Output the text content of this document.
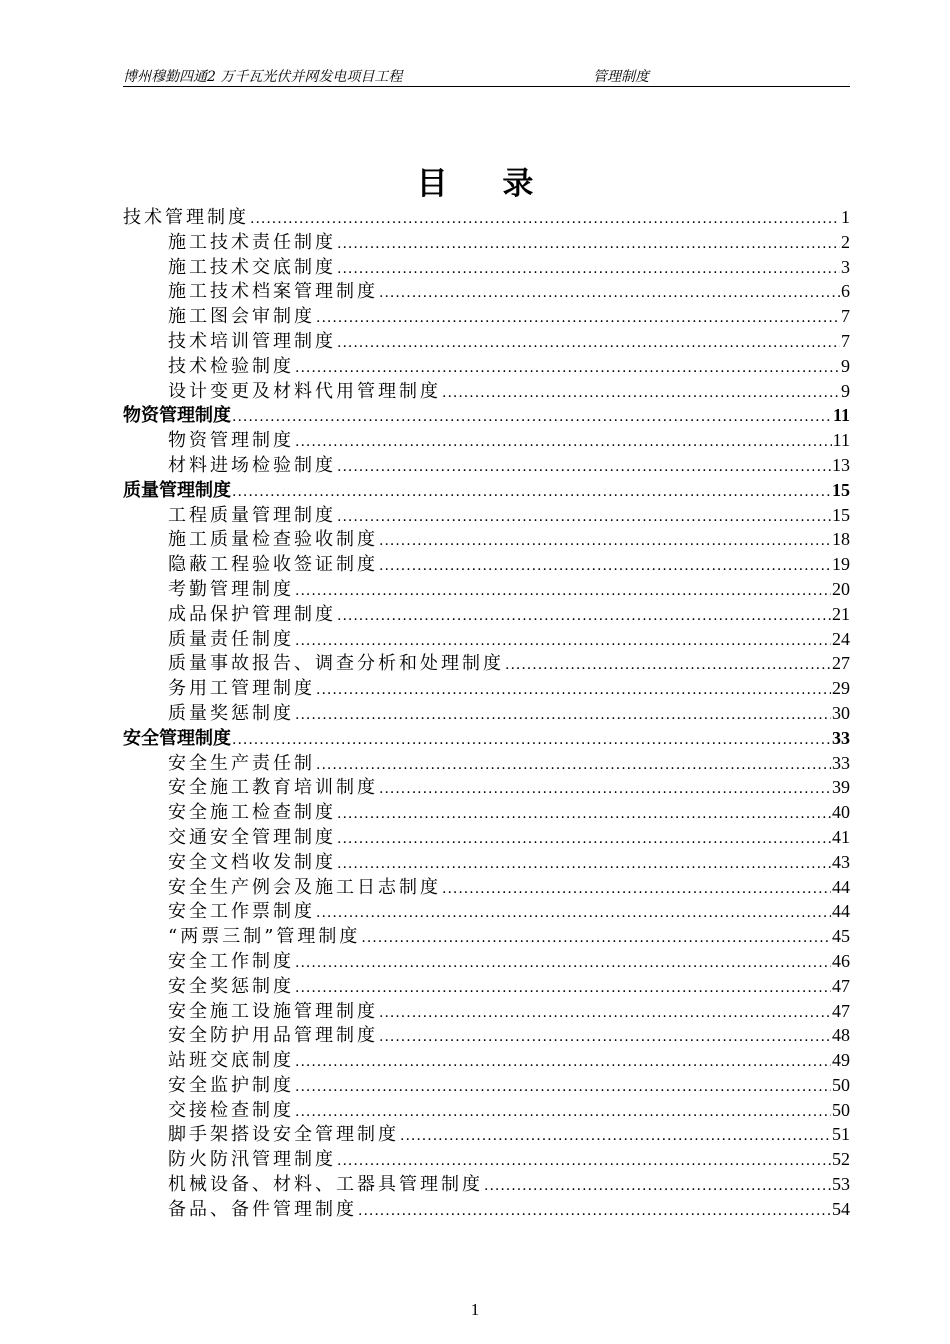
博州穆勤四通2 万千瓦光伏并网发电项目工程	管理制度
目 录
技术管理制度 .....	1
施工技术责任制度 .....	2
施工技术交底制度 .....	3
施工技术档案管理制度 .....	6
施工图会审制度 .....	7
技术培训管理制度 .....	7
技术检验制度 .....	9
设计变更及材料代用管理制度 .....	9
物资管理制度 .....	11
物资管理制度 .....	11
材料进场检验制度 .....	13
质量管理制度 .....	15
工程质量管理制度 .....	15
施工质量检查验收制度 .....	18
隐蔽工程验收签证制度 .....	19
考勤管理制度 .....	20
成品保护管理制度 .....	21
质量责任制度 .....	24
质量事故报告、调查分析和处理制度 .....	27
务用工管理制度 .....	29
质量奖惩制度 .....	30
安全管理制度 .....	33
安全生产责任制 .....	33
安全施工教育培训制度 .....	39
安全施工检查制度 .....	40
交通安全管理制度 .....	41
安全文档收发制度 .....	43
安全生产例会及施工日志制度 .....	44
安全工作票制度 .....	44
“两票三制”管理制度 .....	45
安全工作制度 .....	46
安全奖惩制度 .....	47
安全施工设施管理制度 .....	47
安全防护用品管理制度 .....	48
站班交底制度 .....	49
安全监护制度 .....	50
交接检查制度 .....	50
脚手架搭设安全管理制度 .....	51
防火防汛管理制度 .....	52
机械设备、材料、工器具管理制度 .....	53
备品、备件管理制度 .....	54
1
